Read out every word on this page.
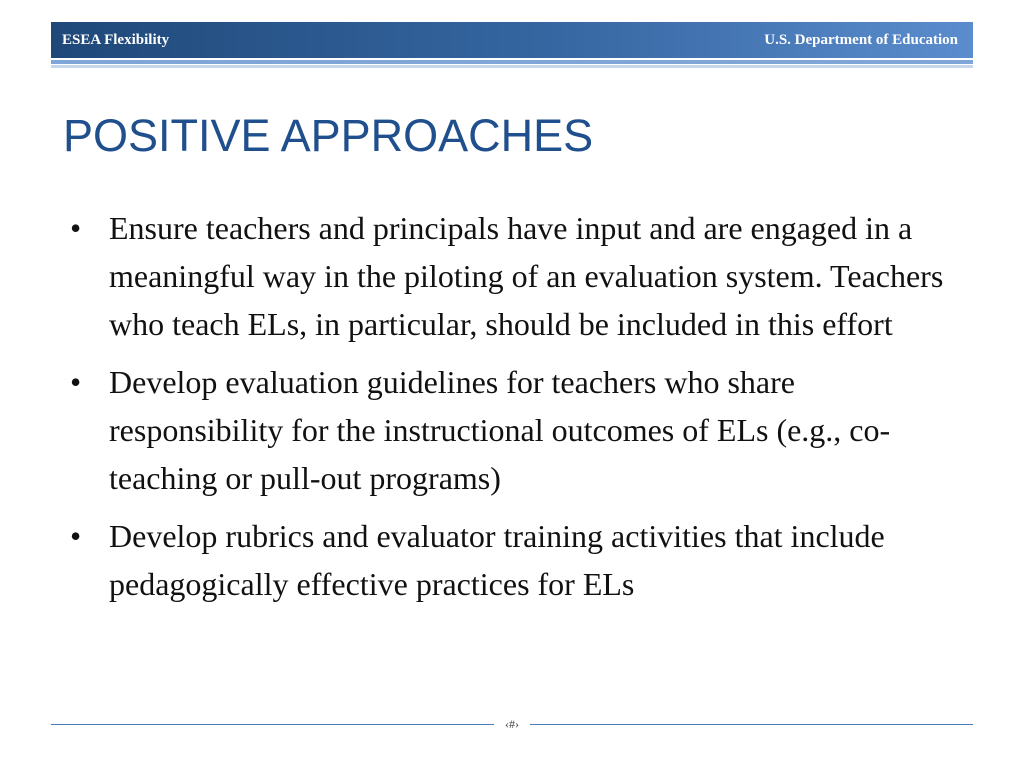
ESEA Flexibility	U.S. Department of Education
POSITIVE APPROACHES
• Ensure teachers and principals have input and are engaged in a meaningful way in the piloting of an evaluation system. Teachers who teach ELs, in particular, should be included in this effort
• Develop evaluation guidelines for teachers who share responsibility for the instructional outcomes of ELs (e.g., co-teaching or pull-out programs)
• Develop rubrics and evaluator training activities that include pedagogically effective practices for ELs
‹#›
